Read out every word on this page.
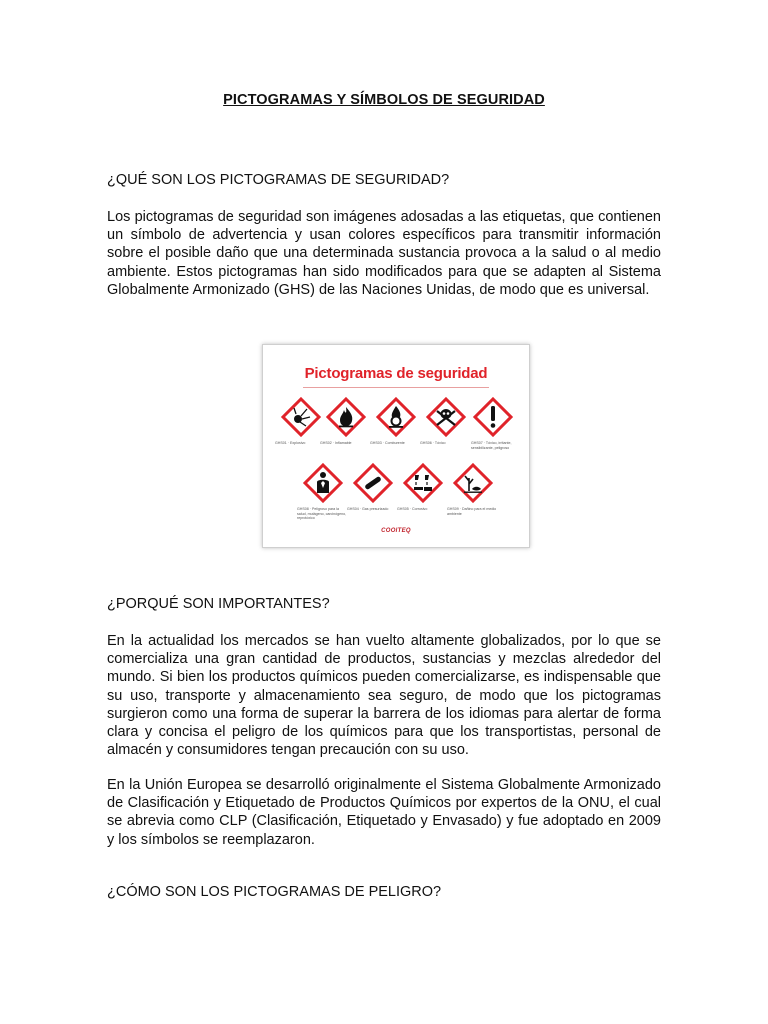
PICTOGRAMAS Y SÍMBOLOS DE SEGURIDAD
¿QUÉ SON LOS PICTOGRAMAS DE SEGURIDAD?
Los pictogramas de seguridad son imágenes adosadas a las etiquetas, que contienen un símbolo de advertencia y usan colores específicos para transmitir información sobre el posible daño que una determinada sustancia provoca a la salud o al medio ambiente. Estos pictogramas han sido modificados para que se adapten al Sistema Globalmente Armonizado (GHS) de las Naciones Unidas, de modo que es universal.
Pictogramas de seguridad
GHS01 · Explosivo	GHS02 · Inflamable	GHS03 · Comburente	GHS06 · Tóxico	GHS07 · Tóxico, irritante, sensibilizante, peligroso
GHS08 · Peligroso para la salud, mutágeno, carcinógeno, reprotóxico
GHS04 · Gas presurizado	GHS05 · Corrosivo	GHS09 · Dañino para el medio ambiente
COOITEQ
¿PORQUÉ SON IMPORTANTES?
En la actualidad los mercados se han vuelto altamente globalizados, por lo que se comercializa una gran cantidad de productos, sustancias y mezclas alrededor del mundo. Si bien los productos químicos pueden comercializarse, es indispensable que su uso, transporte y almacenamiento sea seguro, de modo que los pictogramas surgieron como una forma de superar la barrera de los idiomas para alertar de forma clara y concisa el peligro de los químicos para que los transportistas, personal de almacén y consumidores tengan precaución con su uso.
En la Unión Europea se desarrolló originalmente el Sistema Globalmente Armonizado de Clasificación y Etiquetado de Productos Químicos por expertos de la ONU, el cual se abrevia como CLP (Clasificación, Etiquetado y Envasado) y fue adoptado en 2009 y los símbolos se reemplazaron.
¿CÓMO SON LOS PICTOGRAMAS DE PELIGRO?
